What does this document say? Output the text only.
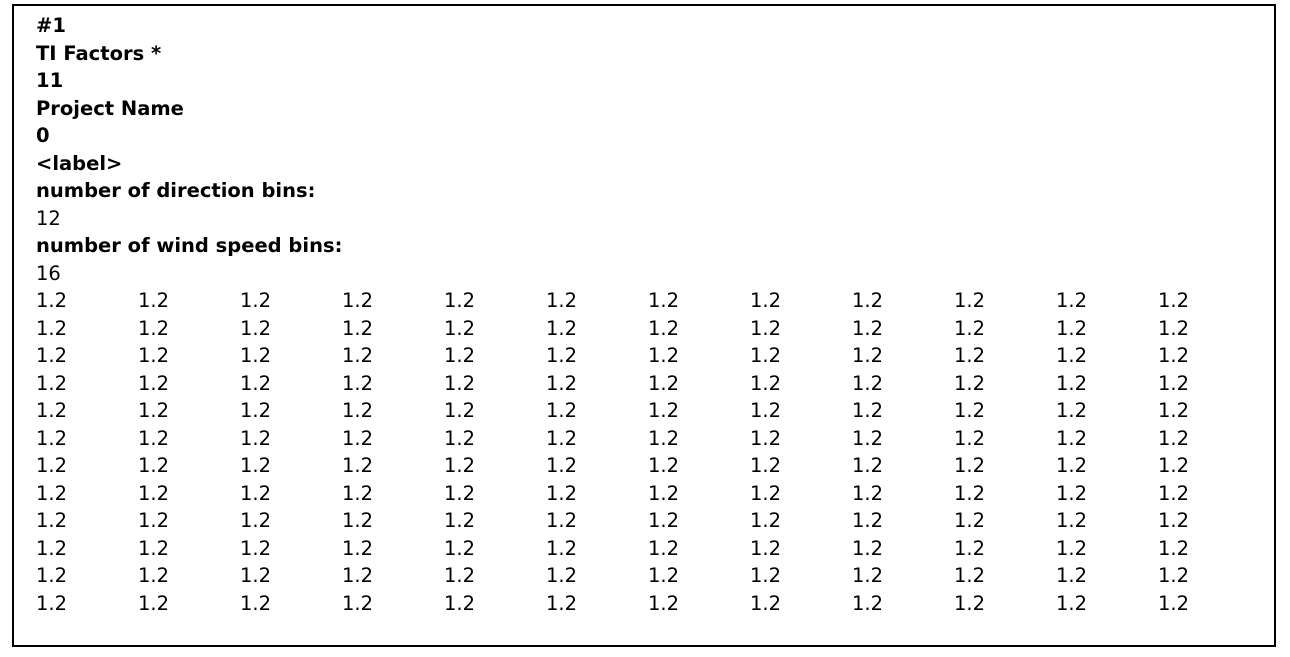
#1
TI Factors *
11
Project Name
0
<label>
number of direction bins:
12
number of wind speed bins:
16
1.2	1.2	1.2	1.2	1.2	1.2	1.2	1.2	1.2	1.2	1.2	1.2
1.2	1.2	1.2	1.2	1.2	1.2	1.2	1.2	1.2	1.2	1.2	1.2
1.2	1.2	1.2	1.2	1.2	1.2	1.2	1.2	1.2	1.2	1.2	1.2
1.2	1.2	1.2	1.2	1.2	1.2	1.2	1.2	1.2	1.2	1.2	1.2
1.2	1.2	1.2	1.2	1.2	1.2	1.2	1.2	1.2	1.2	1.2	1.2
1.2	1.2	1.2	1.2	1.2	1.2	1.2	1.2	1.2	1.2	1.2	1.2
1.2	1.2	1.2	1.2	1.2	1.2	1.2	1.2	1.2	1.2	1.2	1.2
1.2	1.2	1.2	1.2	1.2	1.2	1.2	1.2	1.2	1.2	1.2	1.2
1.2	1.2	1.2	1.2	1.2	1.2	1.2	1.2	1.2	1.2	1.2	1.2
1.2	1.2	1.2	1.2	1.2	1.2	1.2	1.2	1.2	1.2	1.2	1.2
1.2	1.2	1.2	1.2	1.2	1.2	1.2	1.2	1.2	1.2	1.2	1.2
1.2	1.2	1.2	1.2	1.2	1.2	1.2	1.2	1.2	1.2	1.2	1.2
